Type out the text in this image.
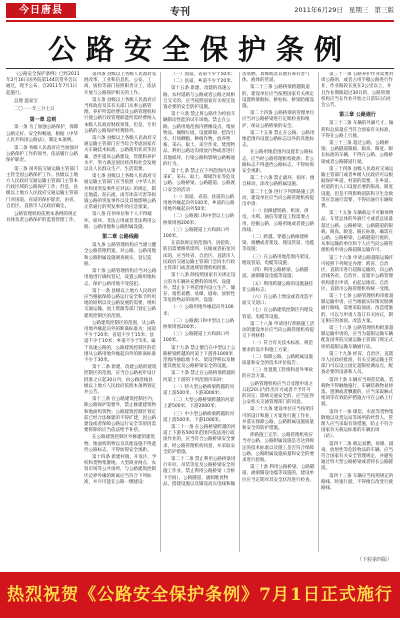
今日唐县	专刊	2011年6月29日 星期三 第三版
公路安全保护条例

《公路安全保护条例》已经2011年2月16日国务院第144次常务会议通过，现予公布，自2011年7月1日起施行。

总理 温家宝

二〇一一年三月七日

第一章 总则

第一条 为了加强公路保护，保障公路完好、安全和畅通，根据《中华人民共和国公路法》，制定本条例。

第二条 各级人民政府应当加强对公路保护工作的领导，依法履行公路保护职责。

第三条 国务院交通运输主管部门主管全国公路保护工作。县级以上地方人民政府交通运输主管部门主管本行政区域的公路保护工作；但是，县级以上地方人民政府交通运输主管部门对国道、省道的保护职责，由省、自治区、直辖市人民政府确定。

公路管理机构依照本条例的规定具体负责公路保护的监督管理工作。

第四条 县级以上各级人民政府发展改革、工业和信息化、公安、工商、质检等部门按照职责分工，依法开展与公路保护相关的工作。

第五条 县级以上各级人民政府应当将政府及其有关部门从事公路管理、养护所需经费以及公路管理机构行使公路行政管理职能所需经费纳入本级人民政府财政预算。但是，专用公路的公路保护经费除外。

第六条 县级以上各级人民政府交通运输主管部门应当综合考虑国家有关车辆技术标准、公路使用状况等因素，逐步提高公路建设、管理和养护水平，努力满足国民经济和社会发展以及人民群众生产、生活需要。

第七条 县级以上各级人民政府交通运输主管部门应当依照《中华人民共和国突发事件应对法》的规定，制定地震、泥石流、雨雪冰冻灾害等损毁公路的突发事件以及其他影响公路正常通行的突发事件的应急预案。

第八条 任何单位和个人不得破坏、损坏、非法占用或者非法利用公路、公路用地和公路附属设施。

第二章 公路线路

第九条 公路管理机构应当建立健全公路管理档案，对公路、公路用地和公路附属设施调查核实、登记造册。

第十条 公路管理机构应当对公路用地进行确权登记，设置公路用地标志，保护公路用地不受侵犯。

第十一条 县级以上地方人民政府应当根据保障公路运行安全和节约用地的原则以及公路发展的需要，组织交通运输、国土资源等部门划定公路建筑控制区的范围。

公路建筑控制区的范围，从公路用地外缘起向外的距离标准为：国道不少于20米；省道不少于15米；县道不少于10米；乡道不少于5米。属于高速公路的，公路建筑控制区的范围从公路用地外缘起向外的距离标准不少于30米。

第十二条 新建、改建公路的建筑控制区的范围，应当自公路初步设计批准之日起30日内，由公路沿线县级以上地方人民政府依照本条例划定并公告。

第十三条 在公路建筑控制区内，除公路保护需要外，禁止修建建筑物和地面构筑物；公路建筑控制区划定前已经合法修建的不得扩建，因公路建设或者保障公路运行安全等原因需要拆除的应当依法给予补偿。

在公路建筑控制区外修建的建筑物、地面构筑物以及其他设施不得遮挡公路标志，不得妨碍安全视距。

第十四条 新建村镇、开发区、学校和货物集散地、大型商业网点、农贸市场等公共场所，与公路建筑控制区边界外缘的距离应当符合下列标准，并尽可能在公路一侧建设：

（一）国道、省道不少于50米；

（二）县道、乡道不少于20米。

第十五条 新建、改建的高速公路、农村道路与公路或者公路之间相互交叉的，应当按照国家有关规定设置必要的安全防护设施。

第十六条 禁止将公路作为检验车辆制动性能的试车场地。禁止在公路、公路用地范围内摆摊设点、堆放物品、倾倒垃圾、设置障碍、挖沟引水、打场晒粮、种植作物、放养牲畜、采石、取土、采空作业、焚烧物品、利用公路边沟排放污物或者进行其他损坏、污染公路和影响公路畅通的行为。

第十七条 禁止在下列范围内从事采矿、采石、取土、爆破作业等危及公路、公路桥梁、公路隧道、公路渡口安全的活动：

（一）国道、省道、县道的公路用地外缘起向外100米，乡道的公路用地外缘起向外50米；

（二）公路渡口和中型以上公路桥梁周围200米；

（三）公路隧道上方和洞口外100米。

在前款规定的范围内，因抢险、防汛需要修筑堤坝、压缩或者拓宽河床的，应当经省、自治区、直辖市人民政府交通运输主管部门会同水行政主管部门或者流域管理机构批准。

第十八条 除按照国家有关规定设立的为车辆补充燃料的场所、设施外，禁止在下列范围内设立生产、储存、销售易燃、易爆、剧毒、放射性等危险物品的场所、设施：

（一）公路用地外缘起向外100米；

（二）公路渡口和中型以上公路桥梁周围200米；

（三）公路隧道上方和洞口外100米。

第十九条 禁止擅自在中型以上公路桥梁跨越的河道上下游各1000米范围内抽取地下水、架设浮桥以及修建其他危及公路桥梁安全的设施。

第二十条 禁止在公路桥梁跨越的河道上下游的下列范围内采砂：

（一）特大型公路桥梁跨越的河道上游500米，下游3000米；

（二）大型公路桥梁跨越的河道上游500米，下游2000米；

（三）中小型公路桥梁跨越的河道上游500米，下游1000米。

第二十一条 在公路桥梁跨越的河道上下游各500米范围内依法进行疏浚作业的，应当符合公路桥梁安全要求，经公路管理机构同意，并采取安全防护措施。

第二十二条 禁止利用公路桥梁进行牵拉、吊装等危及公路桥梁安全的施工作业。禁止利用公路桥梁（含桥下空间）、公路隧道、涵洞堆放物品，搭建设施以及铺设高压电线和输送易燃、易爆或者其他有毒有害气体、液体的管道。

第二十三条 公路桥梁跨越航道的，建设单位应当按照国家有关规定设置桥梁航标、桥柱标、桥梁防撞设施。

第二十四条 公路桥梁的管理单位应当对公路桥梁进行定期检查和维护，保证公路桥梁的安全。

第二十五条 禁止在公路、公路用地范围内设置公路标志以外的其他标志。

在公路用地范围内设置非公路标志，应当经公路管理机构批准；非公路标志不得遮挡公路标志，不得妨碍安全视距。

第二十六条 禁止破坏、损坏、擅自移动、涂改公路附属设施。

第二十七条 进行下列涉路施工活动，建设单位应当向公路管理机构提出申请：

（一）因修建铁路、机场、供电、水利、通信等建设工程需要占用、挖掘公路、公路用地或者使公路改线；

（二）跨越、穿越公路修建桥梁、渡槽或者架设、埋设管道、电缆等设施；

（三）在公路用地范围内架设、埋设管道、电缆等设施；

（四）利用公路桥梁、公路隧道、涵洞铺设电缆等设施；

（五）利用跨越公路的设施悬挂非公路标志；

（六）在公路上增设或者改造平面交叉道口；

（七）在公路建筑控制区内埋设管道、电缆等设施。

第二十八条 申请进行涉路施工活动的建设单位应当向公路管理机构提交下列材料：

（一）符合有关技术标准、规范要求的设计和施工方案；

（二）保障公路、公路附属设施质量和安全的技术评价报告；

（三）处置施工险情和意外事故的应急方案。

公路管理机构应当自受理申请之日起20日内作出许可或者不予许可的决定；影响交通安全的，应当征得公安机关交通管理部门的同意。

第二十九条 建设单位应当按照许可的设计和施工方案进行施工作业，并落实保障公路、公路附属设施质量和安全的防护措施。

涉路施工完毕，公路管理机构应当对公路、公路附属设施是否达到规定的技术标准以及施工是否符合保障公路、公路附属设施质量和安全的要求进行验收。

第三十条 利用公路桥梁、公路隧道、涵洞铺设电缆等设施的，建设单位应当定期对其安全状况进行检查。

第三十一条 公路养护作业需要封闭公路的，或者占用半幅公路进行作业，作业路段长度在2公里以上，并且作业期限超过30日的，公路管理机构应当在作业开始之日前5日向社会公告。

第三章 公路通行

第三十二条 车辆的外廓尺寸、轴荷和总质量应当符合国家有关标准，不得在公路上行驶。

第三十三条 超过公路、公路桥梁、公路隧道限载、限高、限宽、限长标准的车辆，不得在公路、公路桥梁或者公路隧道行驶。

第三十四条 县级人民政府交通运输主管部门或者乡级人民政府可以根据保护乡道、村道的需要，在乡道、村道的出入口设置必要的限高、限宽设施，但是不得影响消防和卫生急救等应急通行需要，不得向通行车辆收费。

第三十五条 车辆载运不可解体物品，车货总体的外廓尺寸或者总质量超过公路、公路桥梁、公路隧道的限载、限高、限宽、限长标准，确需在公路、公路桥梁、公路隧道行驶的，从事运输的单位和个人应当向公路管理机构申请公路超限运输许可。

第三十六条 申请公路超限运输许可按照下列规定办理：跨省、自治区、直辖市进行超限运输的，向公路沿线各省、自治区、直辖市公路管理机构提出申请，由起运地省、自治区、直辖市公路管理机构统一受理。

第三十七条 公路管理机构审批超限运输申请，应当根据实际情况勘测通行路线，需要采取加固、改造措施的，可以与申请人签订有关协议，制定相应的加固、改造方案。

第三十八条 公路管理机构批准超限运输申请的，应当为超限运输车辆配发国务院交通运输主管部门规定式样的超限运输车辆通行证。

第三十九条 经省、自治区、直辖市人民政府批准，有关交通运输主管部门可以设立固定超限检测站点，配备必要的设备和人员。

第四十条 车辆应当规范装载，装载物不得触地拖行。车辆装载物易掉落、遗洒或者飘散的，应当采取厢式密闭等有效防护措施方可在公路上行驶。

第四十一条 煤炭、水泥等货物集散地以及货运站等场所的经营人、管理人应当采取有效措施，防止不符合国家有关载运标准的车辆出场（站）。

第四十二条 载运易燃、易爆、剧毒、放射性等危险物品的车辆，应当符合国家有关安全管理规定，并避免通过特大型公路桥梁或者特长公路隧道。

第四十三条 车辆应当按照规定的路线、时速行驶，不得擅自改变行驶路线。

（下转第四版）
热烈祝贺《公路安全保护条例》7月1日正式施行
